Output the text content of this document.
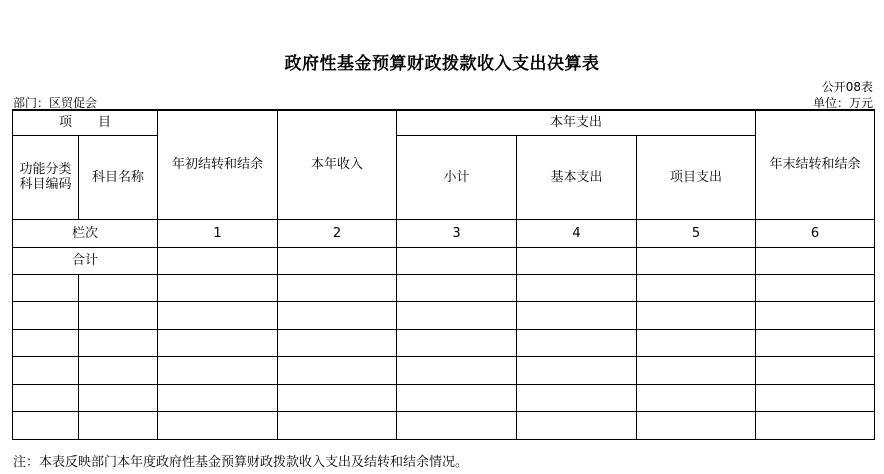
政府性基金预算财政拨款收入支出决算表
公开08表
部门：区贸促会	单位：万元
项　　目		年初结转和结余	本年收入	本年支出			年末结转和结余
功能分类
科目编码	科目名称			小计	基本支出	项目支出	
栏次		1	2	3	4	5	6
合计							

注：本表反映部门本年度政府性基金预算财政拨款收入支出及结转和结余情况。
